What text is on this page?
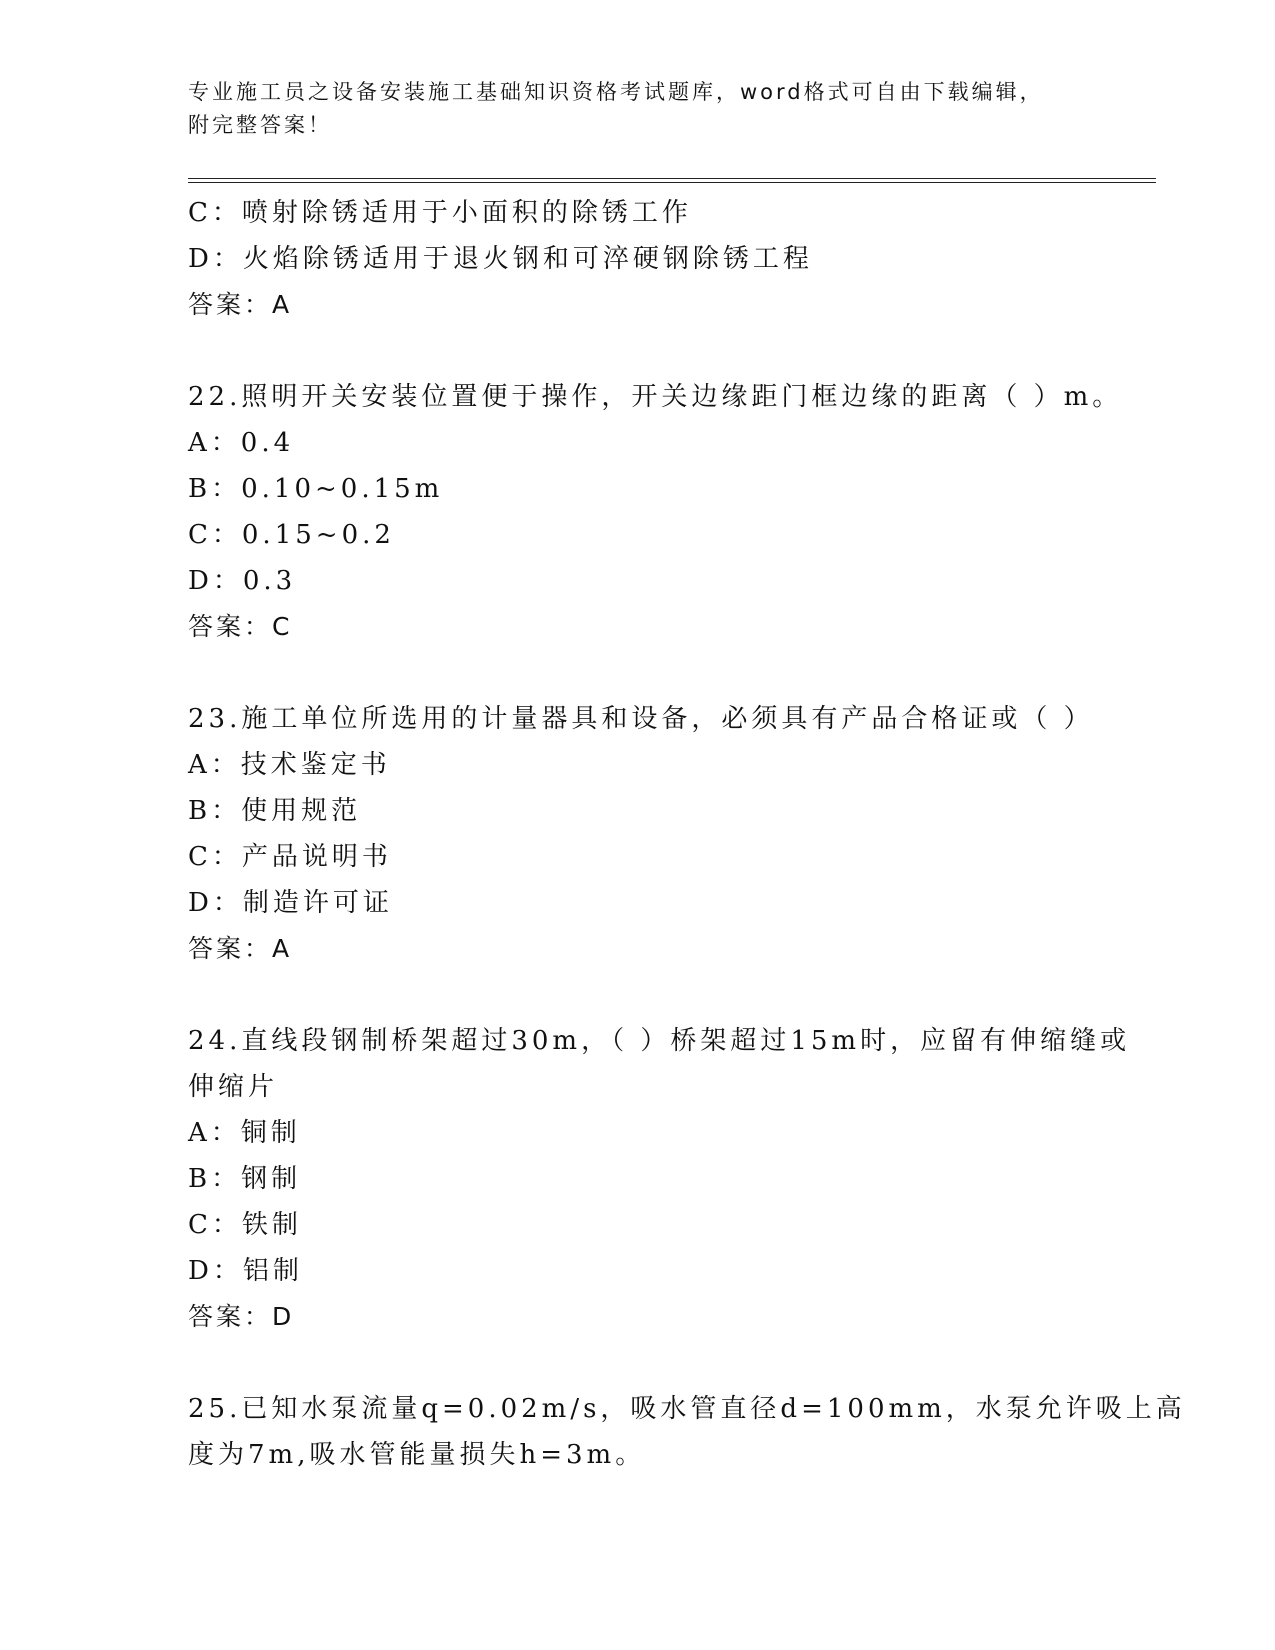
专业施工员之设备安装施工基础知识资格考试题库，word格式可自由下载编辑，
附完整答案！
C：喷射除锈适用于小面积的除锈工作
D：火焰除锈适用于退火钢和可淬硬钢除锈工程
答案：A
22.照明开关安装位置便于操作，开关边缘距门框边缘的距离（ ）m。
A：0.4
B：0.10~0.15m
C：0.15~0.2
D：0.3
答案：C
23.施工单位所选用的计量器具和设备，必须具有产品合格证或（ ）
A：技术鉴定书
B：使用规范
C：产品说明书
D：制造许可证
答案：A
24.直线段钢制桥架超过30m，（ ）桥架超过15m时，应留有伸缩缝或
伸缩片
A：铜制
B：钢制
C：铁制
D：铝制
答案：D
25.已知水泵流量q=0.02m/s，吸水管直径d=100mm，水泵允许吸上高
度为7m,吸水管能量损失h=3m。
